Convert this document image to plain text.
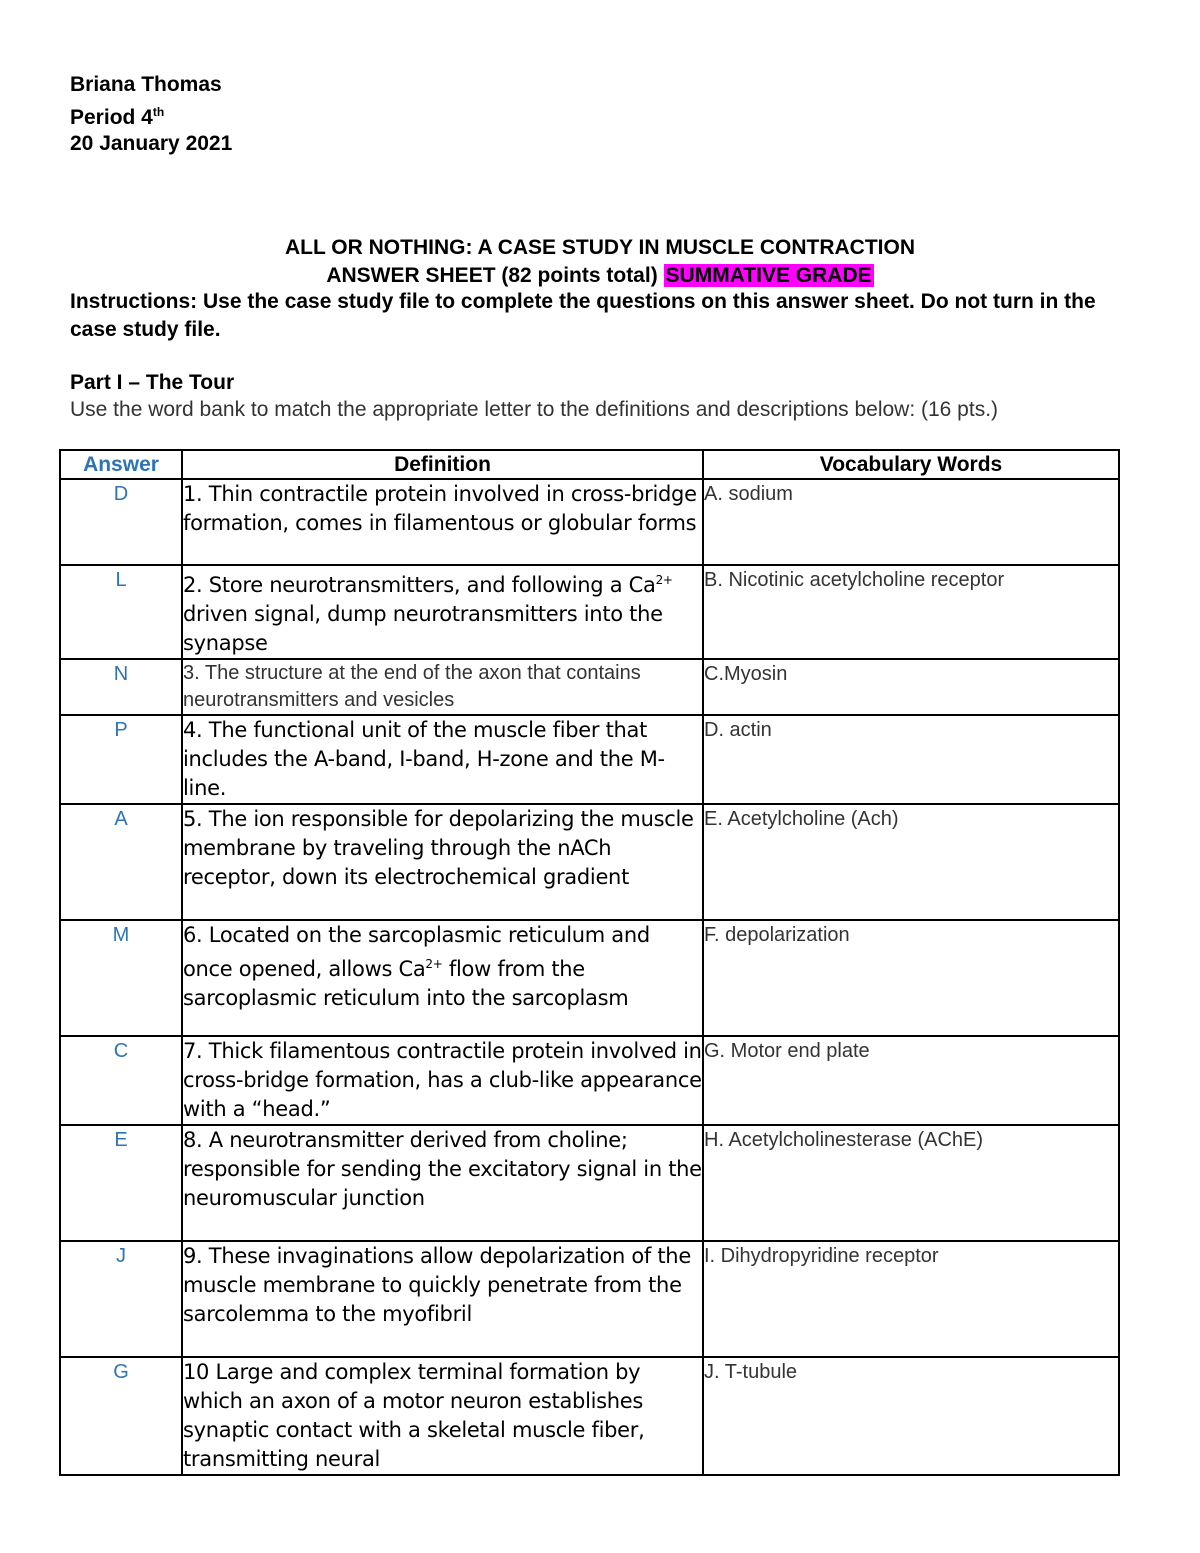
Briana Thomas
Period 4th
20 January 2021
ALL OR NOTHING: A CASE STUDY IN MUSCLE CONTRACTION
ANSWER SHEET (82 points total) SUMMATIVE GRADE
Instructions: Use the case study file to complete the questions on this answer sheet. Do not turn in the case study file.
Part I – The Tour
Use the word bank to match the appropriate letter to the definitions and descriptions below: (16 pts.)
Answer	Definition	Vocabulary Words
D	1. Thin contractile protein involved in cross-bridge formation, comes in filamentous or globular forms	A. sodium
L	2. Store neurotransmitters, and following a $Ca^{2+}$ driven signal, dump neurotransmitters into the synapse	B. Nicotinic acetylcholine receptor
N	3. The structure at the end of the axon that contains neurotransmitters and vesicles	C.Myosin
P	4. The functional unit of the muscle fiber that includes the A-band, I-band, H-zone and the M-line.	D. actin
A	5. The ion responsible for depolarizing the muscle membrane by traveling through the nACh receptor, down its electrochemical gradient	E. Acetylcholine (Ach)
M	6. Located on the sarcoplasmic reticulum and once opened, allows $Ca^{2+}$ flow from the sarcoplasmic reticulum into the sarcoplasm	F. depolarization
C	7. Thick filamentous contractile protein involved in cross-bridge formation, has a club-like appearance with a “head.”	G. Motor end plate
E	8. A neurotransmitter derived from choline; responsible for sending the excitatory signal in the neuromuscular junction	H. Acetylcholinesterase (AChE)
J	9. These invaginations allow depolarization of the muscle membrane to quickly penetrate from the sarcolemma to the myofibril	I. Dihydropyridine receptor
G	10 Large and complex terminal formation by which an axon of a motor neuron establishes synaptic contact with a skeletal muscle fiber, transmitting neural	J. T-tubule
